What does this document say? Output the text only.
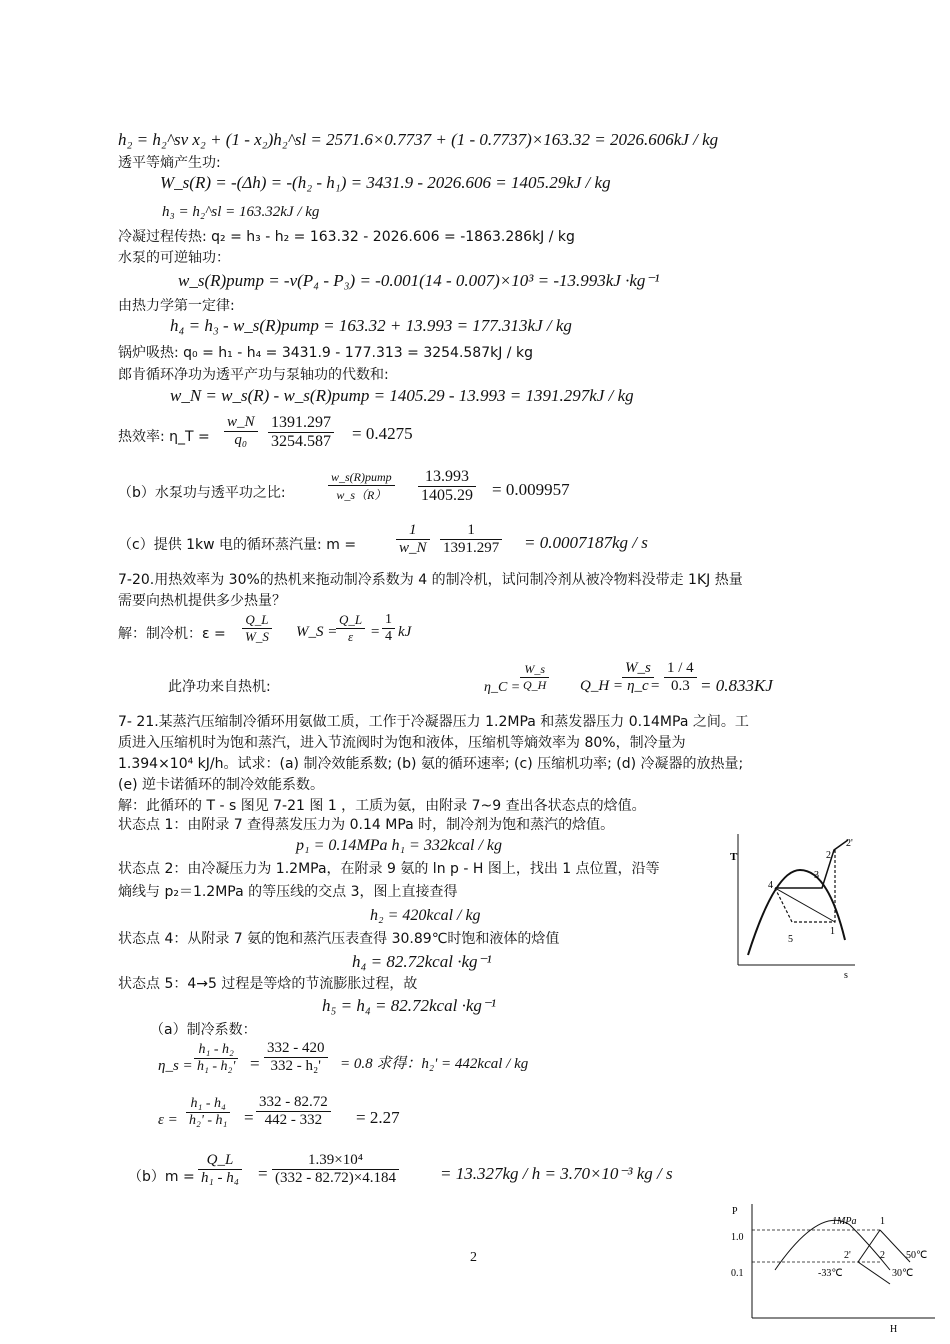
h₂ = h₂^sv x₂ + (1 - x₂)h₂^sl = 2571.6×0.7737 + (1 - 0.7737)×163.32 = 2026.606kJ / kg
透平等熵产生功:
W_s(R) = -(Δh) = -(h₂ - h₁) = 3431.9 - 2026.606 = 1405.29kJ / kg
h₃ = h₂^sl = 163.32kJ / kg
冷凝过程传热: q₂ = h₃ - h₂ = 163.32 - 2026.606 = -1863.286kJ / kg
水泵的可逆轴功：
w_s(R)pump = -v(P₄ - P₃) = -0.001(14 - 0.007)×10³ = -13.993kJ ·kg⁻¹
由热力学第一定律:
h₄ = h₃ - w_s(R)pump = 163.32 + 13.993 = 177.313kJ / kg
锅炉吸热: q₀ = h₁ - h₄ = 3431.9 - 177.313 = 3254.587kJ / kg
郎肯循环净功为透平产功与泵轴功的代数和:
w_N = w_s(R) - w_s(R)pump = 1405.29 - 13.993 = 1391.297kJ / kg
热效率: η_T = $\frac{w\_N}{\text{q₀}} \frac{1391.297}{3254.587} = 0.4275$
（b）水泵功与透平功之比:
w_s(R)pump
w_s（R）	$\frac{13.993}{1405.29} = 0.009957$
（c）提供 1kw 电的循环蒸汽量: m =	$\frac{1}{w\_N} \frac{1}{1391.297} = 0.0007187kg / s$
7-20.用热效率为 30%的热机来拖动制冷系数为 4 的制冷机，试问制冷剂从被冷物料没带走 1KJ 热量
需要向热机提供多少热量？
解：制冷机：$\varepsilon = \frac{Q\_L}{W\_S}$ W_S =
$\frac{Q\_L}{\varepsilon} = \frac{1}{4}$ kJ
此净功来自热机:	η_C = $\frac{W\_s}{Q\_H}$ Q_H =
$\frac{W\_s}{\eta\_c}$
= $\frac{1 / 4}{0.3} = 0.833KJ$
7- 21.某蒸汽压缩制冷循环用氨做工质，工作于冷凝器压力 1.2MPa 和蒸发器压力 0.14MPa 之间。工
质进入压缩机时为饱和蒸汽，进入节流阀时为饱和液体，压缩机等熵效率为 80%，制冷量为
1.394×10⁴ kJ/h。试求：(a) 制冷效能系数; (b) 氨的循环速率; (c) 压缩机功率; (d) 冷凝器的放热量;
(e) 逆卡诺循环的制冷效能系数。
解：此循环的 T - s 图见 7-21 图 1 ，工质为氨，由附录 7~9 查出各状态点的焓值。
状态点 1：由附录 7 查得蒸发压力为 0.14 MPa 时，制冷剂为饱和蒸汽的焓值。
p₁ = 0.14MPa h₁ = 332kcal / kg
状态点 2：由冷凝压力为 1.2MPa，在附录 9 氨的 ln p - H 图上，找出 1 点位置，沿等
熵线与 p₂＝1.2MPa 的等压线的交点 3，图上直接查得
h₂ = 420kcal / kg
状态点 4：从附录 7 氨的饱和蒸汽压表查得 30.89℃时饱和液体的焓值
h₄ = 82.72kcal ·kg⁻¹
状态点 5：4→5 过程是等焓的节流膨胀过程，故
h₅ = h₄ = 82.72kcal ·kg⁻¹
（a）制冷系数：
η_s = $\frac{\text{h₁ - h₂}}{\text{h₁ - h₂'}} = \frac{332 - 420}{\text{332 - h₂'}} = 0.8$ 求得：h₂' = 442kcal / kg
$\varepsilon = \frac{\text{h₁ - h₄}}{\text{h₂' - h₁}} = \frac{332 - 82.72}{442 - 332} = 2.27$
$(b)m = \frac{Q\_L}{\text{h₁ - h₄}} = \frac{\text{1.39×10⁴}}{(332 - 82.72)\times 4.184} = 13.327kg / h = 3.70\times 10^{-3}$ kg / s
T
s
1
2
2'
3
4
5
P
H
1.0
0.1
1MPa 1
2
2'
-33℃
50℃
30℃
2
